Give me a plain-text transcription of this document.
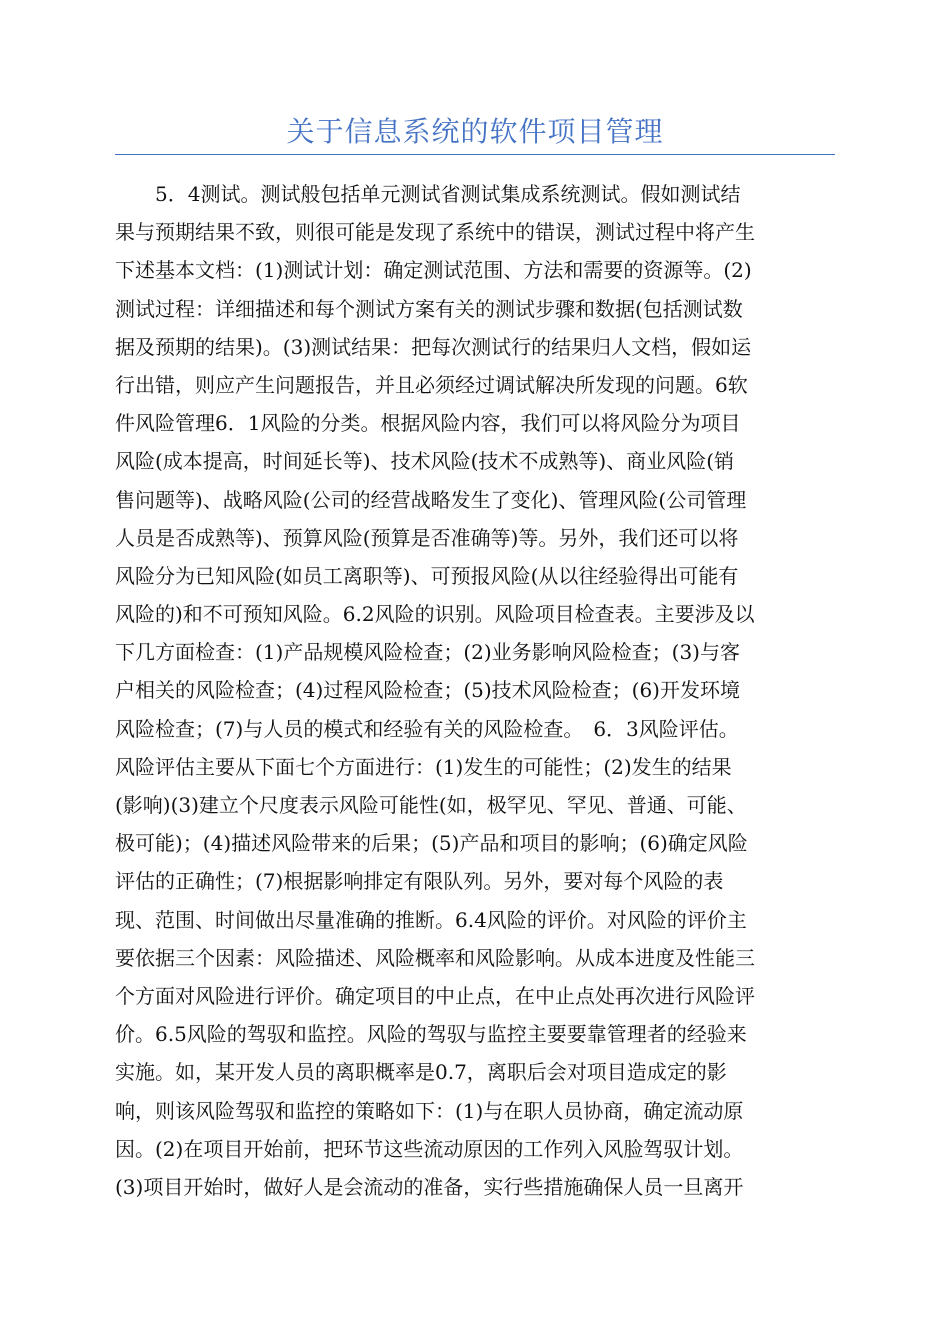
关于信息系统的软件项目管理
　　5．4测试。测试般包括单元测试省测试集成系统测试。假如测试结
果与预期结果不致，则很可能是发现了系统中的错误，测试过程中将产生
下述基本文档：(1)测试计划：确定测试范围、方法和需要的资源等。(2)
测试过程：详细描述和每个测试方案有关的测试步骤和数据(包括测试数
据及预期的结果)。(3)测试结果：把每次测试行的结果归人文档，假如运
行出错，则应产生问题报告，并且必须经过调试解决所发现的问题。6软
件风险管理6．1风险的分类。根据风险内容，我们可以将风险分为项目
风险(成本提高，时间延长等)、技术风险(技术不成熟等)、商业风险(销
售问题等)、战略风险(公司的经营战略发生了变化)、管理风险(公司管理
人员是否成熟等)、预算风险(预算是否准确等)等。另外，我们还可以将
风险分为已知风险(如员工离职等)、可预报风险(从以往经验得出可能有
风险的)和不可预知风险。6.2风险的识别。风险项目检查表。主要涉及以
下几方面检查：(1)产品规模风险检查；(2)业务影响风险检查；(3)与客
户相关的风险检查；(4)过程风险检查；(5)技术风险检查；(6)开发环境
风险检查；(7)与人员的模式和经验有关的风险检查。　6．3风险评估。
风险评估主要从下面七个方面进行：(1)发生的可能性；(2)发生的结果
(影响)(3)建立个尺度表示风险可能性(如，极罕见、罕见、普通、可能、
极可能)；(4)描述风险带来的后果；(5)产品和项目的影响；(6)确定风险
评估的正确性；(7)根据影响排定有限队列。另外，要对每个风险的表
现、范围、时间做出尽量准确的推断。6.4风险的评价。对风险的评价主
要依据三个因素：风险描述、风险概率和风险影响。从成本进度及性能三
个方面对风险进行评价。确定项目的中止点，在中止点处再次进行风险评
价。6.5风险的驾驭和监控。风险的驾驭与监控主要要靠管理者的经验来
实施。如，某开发人员的离职概率是0.7，离职后会对项目造成定的影
响，则该风险驾驭和监控的策略如下：(1)与在职人员协商，确定流动原
因。(2)在项目开始前，把环节这些流动原因的工作列入风脸驾驭计划。
(3)项目开始时，做好人是会流动的准备，实行些措施确保人员一旦离开
